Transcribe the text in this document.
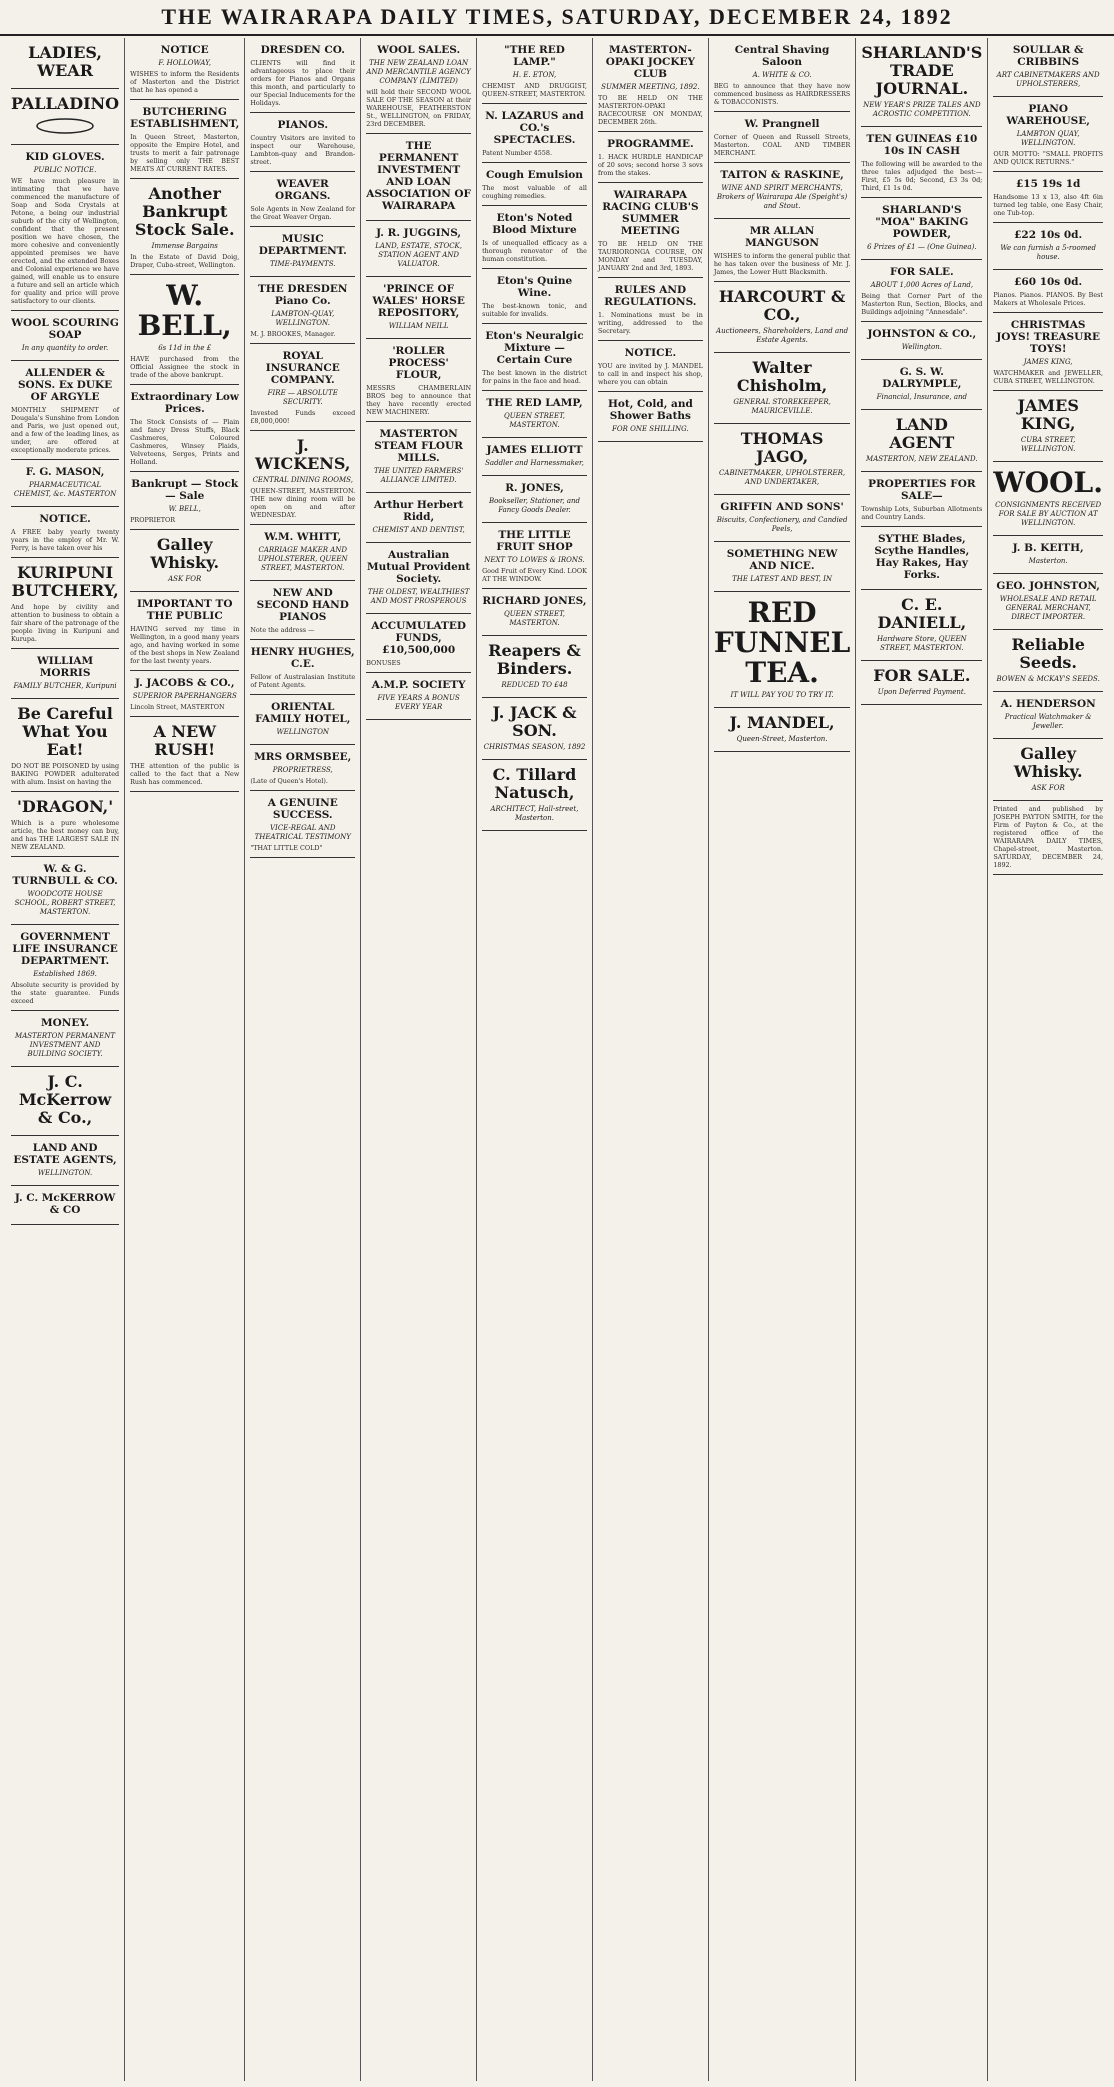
THE WAIRARAPA DAILY TIMES, SATURDAY, DECEMBER 24, 1892
LADIES, WEAR
PALLADINO
KID GLOVES.
PUBLIC NOTICE.
WE have much pleasure in intimating that we have commenced the manufacture of Soap and Soda Crystals at Petone, a being our industrial suburb of the city of Wellington, confident that the present position we have chosen, the more cohesive and conveniently appointed premises we have erected, and the extended Boxes and Colonial experience we have gained, will enable us to ensure a future and sell an article which for quality and price will prove satisfactory to our clients.
WOOL SCOURING SOAP
In any quantity to order.
ALLENDER & SONS. Ex DUKE OF ARGYLE
MONTHLY SHIPMENT of Dougala's Sunshine from London and Paris, we just opened out, and a few of the leading lines, as under, are offered at exceptionally moderate prices.
F. G. MASON,
PHARMACEUTICAL CHEMIST, &c. MASTERTON
NOTICE.
A FREE baby yearly twenty years in the employ of Mr. W. Perry, is have taken over his
KURIPUNI BUTCHERY,
And hope by civility and attention to business to obtain a fair share of the patronage of the people living in Kuripuni and Kurupa.
WILLIAM MORRIS
FAMILY BUTCHER, Kuripuni
Be Careful What You Eat!
DO NOT BE POISONED by using BAKING POWDER adulterated with alum. Insist on having the
'DRAGON,'
Which is a pure wholesome article, the best money can buy, and has THE LARGEST SALE IN NEW ZEALAND.
W. & G. TURNBULL & CO.
WOODCOTE HOUSE SCHOOL, ROBERT STREET, MASTERTON.
GOVERNMENT LIFE INSURANCE DEPARTMENT.
Established 1869.
Absolute security is provided by the state guarantee. Funds exceed
MONEY.
MASTERTON PERMANENT INVESTMENT AND BUILDING SOCIETY.
J. C. McKerrow & Co.,
LAND AND ESTATE AGENTS,
WELLINGTON.
J. C. McKERROW & CO
NOTICE
F. HOLLOWAY,
WISHES to inform the Residents of Masterton and the District that he has opened a
BUTCHERING ESTABLISHMENT,
In Queen Street, Masterton, opposite the Empire Hotel, and trusts to merit a fair patronage by selling only THE BEST MEATS AT CURRENT RATES.
Another Bankrupt Stock Sale.
Immense Bargains
In the Estate of David Doig, Draper, Cuba-street, Wellington.
W. BELL,
6s 11d in the £
HAVE purchased from the Official Assignee the stock in trade of the above bankrupt.
Extraordinary Low Prices.
The Stock Consists of — Plain and fancy Dress Stuffs, Black Cashmeres, Coloured Cashmeres, Winsey Plaids, Velveteens, Serges, Prints and Holland.
Bankrupt — Stock — Sale
W. BELL,
PROPRIETOR
Galley Whisky.
ASK FOR
IMPORTANT TO THE PUBLIC
HAVING served my time in Wellington, in a good many years ago, and having worked in some of the best shops in New Zealand for the last twenty years.
J. JACOBS & CO.,
SUPERIOR PAPERHANGERS
Lincoln Street, MASTERTON
A NEW RUSH!
THE attention of the public is called to the fact that a New Rush has commenced.
DRESDEN CO.
CLIENTS will find it advantageous to place their orders for Pianos and Organs this month, and particularly to our Special Inducements for the Holidays.
PIANOS.
Country Visitors are invited to inspect our Warehouse, Lambton-quay and Brandon-street.
WEAVER ORGANS.
Sole Agents in New Zealand for the Great Weaver Organ.
MUSIC DEPARTMENT.
TIME-PAYMENTS.
THE DRESDEN Piano Co.
LAMBTON-QUAY, WELLINGTON.
M. J. BROOKES, Manager.
ROYAL INSURANCE COMPANY.
FIRE — ABSOLUTE SECURITY.
Invested Funds exceed £8,000,000!
J. WICKENS,
CENTRAL DINING ROOMS,
QUEEN-STREET, MASTERTON. THE new dining room will be open on and after WEDNESDAY.
W.M. WHITT,
CARRIAGE MAKER AND UPHOLSTERER, QUEEN STREET, MASTERTON.
NEW AND SECOND HAND PIANOS
Note the address —
HENRY HUGHES, C.E.
Fellow of Australasian Institute of Patent Agents.
ORIENTAL FAMILY HOTEL,
WELLINGTON
MRS ORMSBEE,
PROPRIETRESS,
(Late of Queen's Hotel).
A GENUINE SUCCESS.
VICE-REGAL AND THEATRICAL TESTIMONY
"THAT LITTLE COLD"
WOOL SALES.
THE NEW ZEALAND LOAN AND MERCANTILE AGENCY COMPANY (LIMITED)
will hold their SECOND WOOL SALE OF THE SEASON at their WAREHOUSE, FEATHERSTON St., WELLINGTON, on FRIDAY, 23rd DECEMBER.
THE PERMANENT INVESTMENT AND LOAN ASSOCIATION OF WAIRARAPA
J. R. JUGGINS,
LAND, ESTATE, STOCK, STATION AGENT AND VALUATOR.
'PRINCE OF WALES' HORSE REPOSITORY,
WILLIAM NEILL
'ROLLER PROCESS' FLOUR,
MESSRS CHAMBERLAIN BROS beg to announce that they have recently erected NEW MACHINERY.
MASTERTON STEAM FLOUR MILLS.
THE UNITED FARMERS' ALLIANCE LIMITED.
Arthur Herbert Ridd,
CHEMIST AND DENTIST,
Australian Mutual Provident Society.
THE OLDEST, WEALTHIEST AND MOST PROSPEROUS
ACCUMULATED FUNDS, £10,500,000
BONUSES
A.M.P. SOCIETY
FIVE YEARS A BONUS EVERY YEAR
"THE RED LAMP."
H. E. ETON,
CHEMIST AND DRUGGIST, QUEEN-STREET, MASTERTON.
N. LAZARUS and CO.'s SPECTACLES.
Patent Number 4558.
Cough Emulsion
The most valuable of all coughing remedies.
Eton's Noted Blood Mixture
Is of unequalled efficacy as a thorough renovator of the human constitution.
Eton's Quine Wine.
The best-known tonic, and suitable for invalids.
Eton's Neuralgic Mixture — Certain Cure
The best known in the district for pains in the face and head.
THE RED LAMP,
QUEEN STREET, MASTERTON.
JAMES ELLIOTT
Saddler and Harnessmaker,
R. JONES,
Bookseller, Stationer, and Fancy Goods Dealer.
THE LITTLE FRUIT SHOP
NEXT TO LOWES & IRONS.
Good Fruit of Every Kind. LOOK AT THE WINDOW.
RICHARD JONES,
QUEEN STREET, MASTERTON.
Reapers & Binders.
REDUCED TO £48
J. JACK & SON.
CHRISTMAS SEASON, 1892
C. Tillard Natusch,
ARCHITECT, Hall-street, Masterton.
MASTERTON-OPAKI JOCKEY CLUB
SUMMER MEETING, 1892.
TO BE HELD ON THE MASTERTON-OPAKI RACECOURSE ON MONDAY, DECEMBER 26th.
PROGRAMME.
1. HACK HURDLE HANDICAP of 20 sovs; second horse 3 sovs from the stakes.
WAIRARAPA RACING CLUB'S SUMMER MEETING
TO BE HELD ON THE TAURIORONGA COURSE, ON MONDAY and TUESDAY, JANUARY 2nd and 3rd, 1893.
RULES AND REGULATIONS.
1. Nominations must be in writing, addressed to the Secretary.
NOTICE.
YOU are invited by J. MANDEL to call in and inspect his shop, where you can obtain
Hot, Cold, and Shower Baths
FOR ONE SHILLING.
Central Shaving Saloon
A. WHITE & CO.
BEG to announce that they have now commenced business as HAIRDRESSERS & TOBACCONISTS.
W. Prangnell
Corner of Queen and Russell Streets, Masterton. COAL AND TIMBER MERCHANT.
TAITON & RASKINE,
WINE AND SPIRIT MERCHANTS, Brokers of Wairarapa Ale (Speight's) and Stout.
MR ALLAN MANGUSON
WISHES to inform the general public that he has taken over the business of Mr. J. James, the Lower Hutt Blacksmith.
HARCOURT & CO.,
Auctioneers, Shareholders, Land and Estate Agents.
Walter Chisholm,
GENERAL STOREKEEPER, MAURICEVILLE.
THOMAS JAGO,
CABINETMAKER, UPHOLSTERER, AND UNDERTAKER,
GRIFFIN AND SONS'
Biscuits, Confectionery, and Candied Peels,
SOMETHING NEW AND NICE.
THE LATEST AND BEST, IN
RED FUNNEL TEA.
IT WILL PAY YOU TO TRY IT.
J. MANDEL,
Queen-Street, Masterton.
SHARLAND'S TRADE JOURNAL.
NEW YEAR'S PRIZE TALES AND ACROSTIC COMPETITION.
TEN GUINEAS £10 10s IN CASH
The following will be awarded to the three tales adjudged the best:— First, £5 5s 0d; Second, £3 3s 0d; Third, £1 1s 0d.
SHARLAND'S "MOA" BAKING POWDER,
6 Prizes of £1 — (One Guinea).
FOR SALE.
ABOUT 1,000 Acres of Land,
Being that Corner Part of the Masterton Run, Section, Blocks, and Buildings adjoining "Annesdale".
JOHNSTON & CO.,
Wellington.
G. S. W. DALRYMPLE,
Financial, Insurance, and
LAND AGENT
MASTERTON, NEW ZEALAND.
PROPERTIES FOR SALE—
Township Lots, Suburban Allotments and Country Lands.
SYTHE Blades, Scythe Handles, Hay Rakes, Hay Forks.
C. E. DANIELL,
Hardware Store, QUEEN STREET, MASTERTON.
FOR SALE.
Upon Deferred Payment.
SOULLAR & CRIBBINS
ART CABINETMAKERS AND UPHOLSTERERS,
PIANO WAREHOUSE,
LAMBTON QUAY, WELLINGTON.
OUR MOTTO: "SMALL PROFITS AND QUICK RETURNS."
£15 19s 1d
Handsome 13 x 13, also 4ft 6in turned leg table, one Easy Chair, one Tub-top.
£22 10s 0d.
We can furnish a 5-roomed house.
£60 10s 0d.
Pianos. Pianos. PIANOS. By Best Makers at Wholesale Prices.
CHRISTMAS JOYS! TREASURE TOYS!
JAMES KING,
WATCHMAKER and JEWELLER, CUBA STREET, WELLINGTON.
JAMES KING,
CUBA STREET, WELLINGTON.
WOOL.
CONSIGNMENTS RECEIVED FOR SALE BY AUCTION AT WELLINGTON.
J. B. KEITH,
Masterton.
GEO. JOHNSTON,
WHOLESALE AND RETAIL GENERAL MERCHANT, DIRECT IMPORTER.
Reliable Seeds.
BOWEN & MCKAY'S SEEDS.
A. HENDERSON
Practical Watchmaker & Jeweller.
Galley Whisky.
ASK FOR
Printed and published by JOSEPH PAYTON SMITH, for the Firm of Payton & Co., at the registered office of the WAIRARAPA DAILY TIMES, Chapel-street, Masterton. SATURDAY, DECEMBER 24, 1892.
